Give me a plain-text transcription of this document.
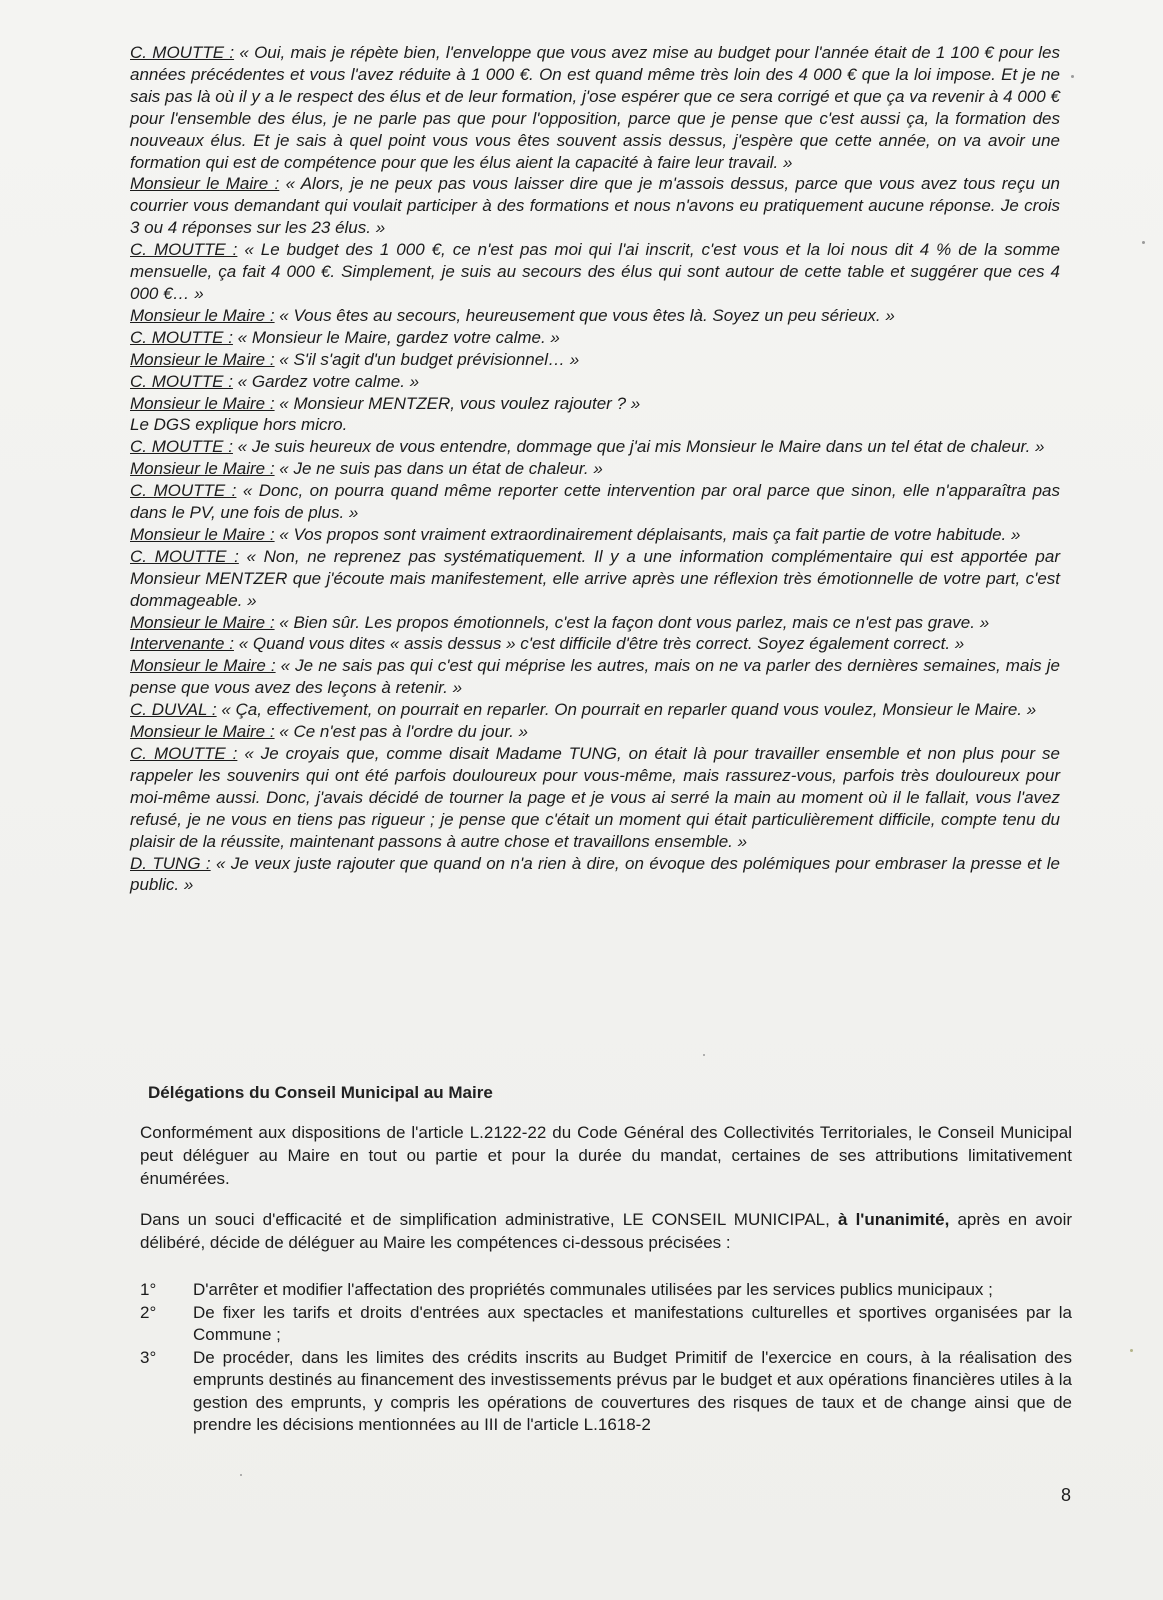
C. MOUTTE : « Oui, mais je répète bien, l'enveloppe que vous avez mise au budget pour l'année était de 1 100 € pour les années précédentes et vous l'avez réduite à 1 000 €. On est quand même très loin des 4 000 € que la loi impose. Et je ne sais pas là où il y a le respect des élus et de leur formation, j'ose espérer que ce sera corrigé et que ça va revenir à 4 000 € pour l'ensemble des élus, je ne parle pas que pour l'opposition, parce que je pense que c'est aussi ça, la formation des nouveaux élus. Et je sais à quel point vous vous êtes souvent assis dessus, j'espère que cette année, on va avoir une formation qui est de compétence pour que les élus aient la capacité à faire leur travail. »

Monsieur le Maire : « Alors, je ne peux pas vous laisser dire que je m'assois dessus, parce que vous avez tous reçu un courrier vous demandant qui voulait participer à des formations et nous n'avons eu pratiquement aucune réponse. Je crois 3 ou 4 réponses sur les 23 élus. »

C. MOUTTE : « Le budget des 1 000 €, ce n'est pas moi qui l'ai inscrit, c'est vous et la loi nous dit 4 % de la somme mensuelle, ça fait 4 000 €. Simplement, je suis au secours des élus qui sont autour de cette table et suggérer que ces 4 000 €… »

Monsieur le Maire : « Vous êtes au secours, heureusement que vous êtes là. Soyez un peu sérieux. »

C. MOUTTE : « Monsieur le Maire, gardez votre calme. »

Monsieur le Maire : « S'il s'agit d'un budget prévisionnel… »

C. MOUTTE : « Gardez votre calme. »

Monsieur le Maire : « Monsieur MENTZER, vous voulez rajouter ? »

Le DGS explique hors micro.

C. MOUTTE : « Je suis heureux de vous entendre, dommage que j'ai mis Monsieur le Maire dans un tel état de chaleur. »

Monsieur le Maire : « Je ne suis pas dans un état de chaleur. »

C. MOUTTE : « Donc, on pourra quand même reporter cette intervention par oral parce que sinon, elle n'apparaîtra pas dans le PV, une fois de plus. »

Monsieur le Maire : « Vos propos sont vraiment extraordinairement déplaisants, mais ça fait partie de votre habitude. »

C. MOUTTE : « Non, ne reprenez pas systématiquement. Il y a une information complémentaire qui est apportée par Monsieur MENTZER que j'écoute mais manifestement, elle arrive après une réflexion très émotionnelle de votre part, c'est dommageable. »

Monsieur le Maire : « Bien sûr. Les propos émotionnels, c'est la façon dont vous parlez, mais ce n'est pas grave. »

Intervenante : « Quand vous dites « assis dessus » c'est difficile d'être très correct. Soyez également correct. »

Monsieur le Maire : « Je ne sais pas qui c'est qui méprise les autres, mais on ne va parler des dernières semaines, mais je pense que vous avez des leçons à retenir. »

C. DUVAL : « Ça, effectivement, on pourrait en reparler. On pourrait en reparler quand vous voulez, Monsieur le Maire. »

Monsieur le Maire : « Ce n'est pas à l'ordre du jour. »

C. MOUTTE : « Je croyais que, comme disait Madame TUNG, on était là pour travailler ensemble et non plus pour se rappeler les souvenirs qui ont été parfois douloureux pour vous-même, mais rassurez-vous, parfois très douloureux pour moi-même aussi. Donc, j'avais décidé de tourner la page et je vous ai serré la main au moment où il le fallait, vous l'avez refusé, je ne vous en tiens pas rigueur ; je pense que c'était un moment qui était particulièrement difficile, compte tenu du plaisir de la réussite, maintenant passons à autre chose et travaillons ensemble. »

D. TUNG : « Je veux juste rajouter que quand on n'a rien à dire, on évoque des polémiques pour embraser la presse et le public. »

Délégations du Conseil Municipal au Maire

Conformément aux dispositions de l'article L.2122-22 du Code Général des Collectivités Territoriales, le Conseil Municipal peut déléguer au Maire en tout ou partie et pour la durée du mandat, certaines de ses attributions limitativement énumérées.

Dans un souci d'efficacité et de simplification administrative, LE CONSEIL MUNICIPAL, à l'unanimité, après en avoir délibéré, décide de déléguer au Maire les compétences ci-dessous précisées :

1°	D'arrêter et modifier l'affectation des propriétés communales utilisées par les services publics municipaux ;
2°	De fixer les tarifs et droits d'entrées aux spectacles et manifestations culturelles et sportives organisées par la Commune ;
3°	De procéder, dans les limites des crédits inscrits au Budget Primitif de l'exercice en cours, à la réalisation des emprunts destinés au financement des investissements prévus par le budget et aux opérations financières utiles à la gestion des emprunts, y compris les opérations de couvertures des risques de taux et de change ainsi que de prendre les décisions mentionnées au III de l'article L.1618-2

8
